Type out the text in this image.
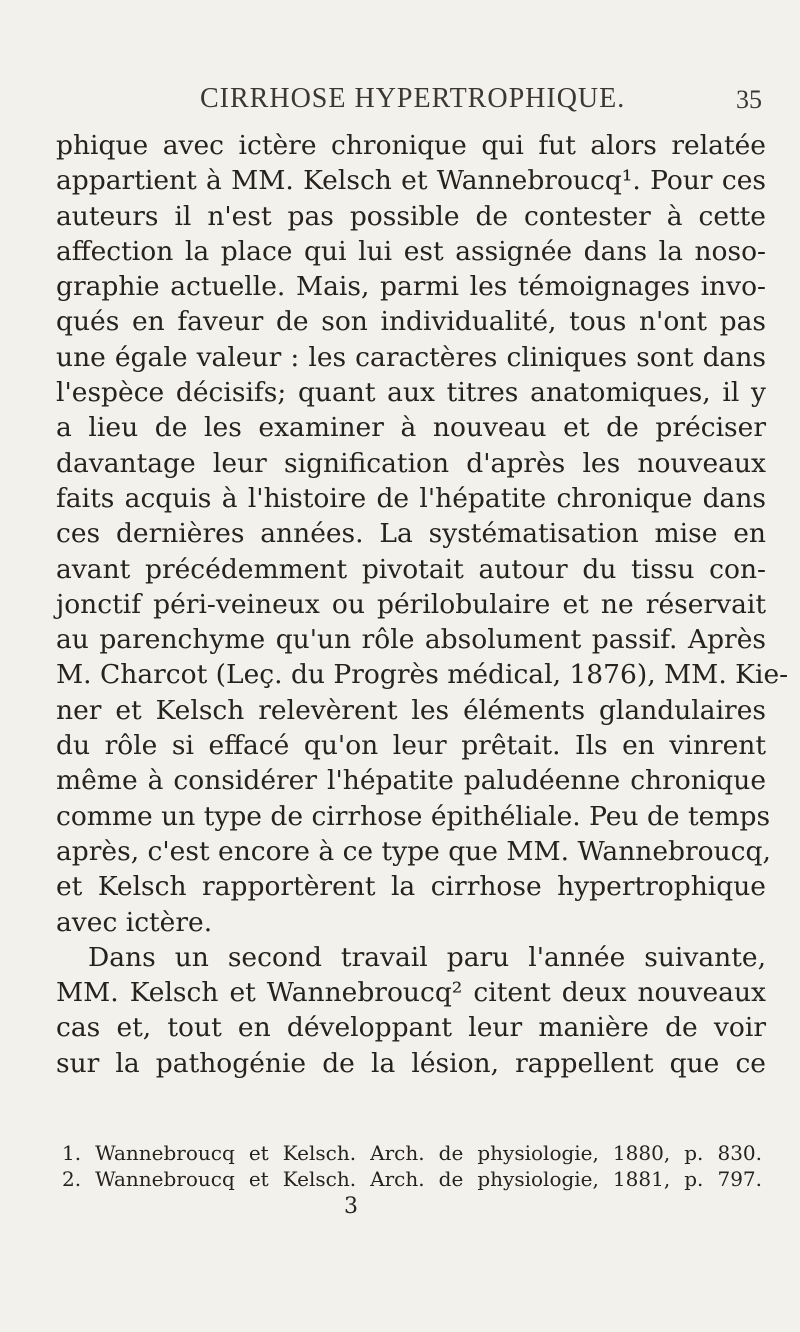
CIRRHOSE HYPERTROPHIQUE.	35
phique avec ictère chronique qui fut alors relatée
appartient à MM. Kelsch et Wannebroucq¹. Pour ces
auteurs il n'est pas possible de contester à cette
affection la place qui lui est assignée dans la noso-
graphie actuelle. Mais, parmi les témoignages invo-
qués en faveur de son individualité, tous n'ont pas
une égale valeur : les caractères cliniques sont dans
l'espèce décisifs; quant aux titres anatomiques, il y
a lieu de les examiner à nouveau et de préciser
davantage leur signification d'après les nouveaux
faits acquis à l'histoire de l'hépatite chronique dans
ces dernières années. La systématisation mise en
avant précédemment pivotait autour du tissu con-
jonctif péri-veineux ou périlobulaire et ne réservait
au parenchyme qu'un rôle absolument passif. Après
M. Charcot (Leç. du Progrès médical, 1876), MM. Kie-
ner et Kelsch relevèrent les éléments glandulaires
du rôle si effacé qu'on leur prêtait. Ils en vinrent
même à considérer l'hépatite paludéenne chronique
comme un type de cirrhose épithéliale. Peu de temps
après, c'est encore à ce type que MM. Wannebroucq,
et Kelsch rapportèrent la cirrhose hypertrophique
avec ictère.
Dans un second travail paru l'année suivante,
MM. Kelsch et Wannebroucq² citent deux nouveaux
cas et, tout en développant leur manière de voir
sur la pathogénie de la lésion, rappellent que ce
1. Wannebroucq et Kelsch. Arch. de physiologie, 1880, p. 830.
2. Wannebroucq et Kelsch. Arch. de physiologie, 1881, p. 797.
3
